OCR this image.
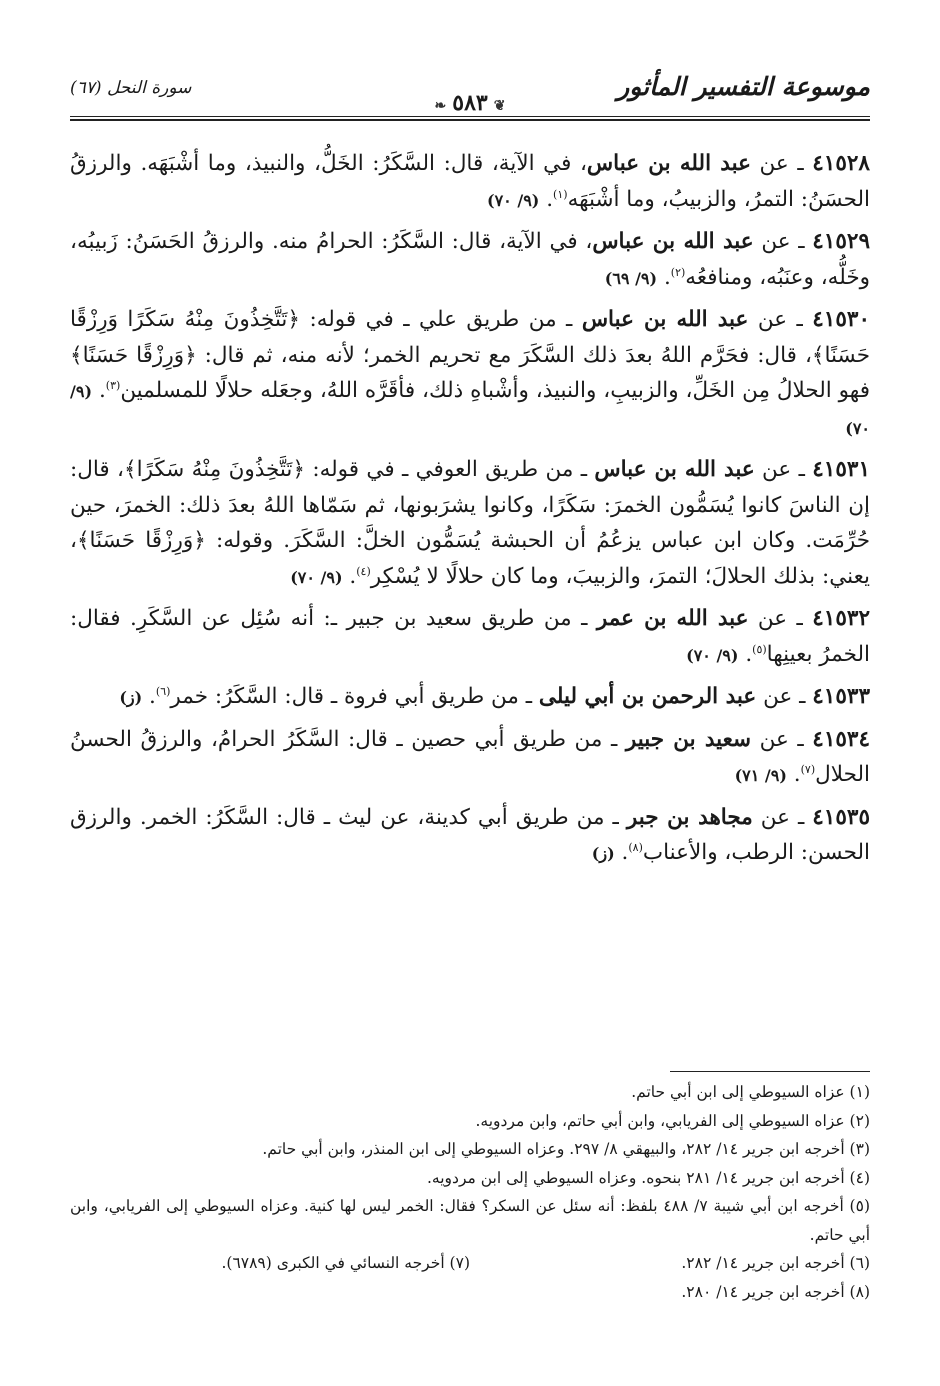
موسوعة التفسير المأثور
❦٥٨٣❧
سورة النحل (٦٧)

٤١٥٢٨ ـ عن عبد الله بن عباس، في الآية، قال: السَّكَرُ: الخَلُّ، والنبيذ، وما أشْبَهَه. والرزقُ الحسَنُ: التمرُ، والزبيبُ، وما أشْبَهَه$^{(١)}$. (٩/ ٧٠)

٤١٥٢٩ ـ عن عبد الله بن عباس، في الآية، قال: السَّكَرُ: الحرامُ منه. والرزقُ الحَسَنُ: زَبيبُه، وخَلُّه، وعنَبُه، ومنافعُه$^{(٢)}$. (٩/ ٦٩)

٤١٥٣٠ ـ عن عبد الله بن عباس ـ من طريق علي ـ في قوله: ﴿تَتَّخِذُونَ مِنْهُ سَكَرًا وَرِزْقًا حَسَنًا﴾، قال: فحَرَّم اللهُ بعدَ ذلك السَّكَرَ مع تحريم الخمر؛ لأنه منه، ثم قال: ﴿وَرِزْقًا حَسَنًا﴾ فهو الحلالُ مِن الخَلِّ، والزبيبِ، والنبيذ، وأشْباهِ ذلك، فأقَرَّه اللهُ، وجعَله حلالًا للمسلمين$^{(٣)}$. (٩/ ٧٠)

٤١٥٣١ ـ عن عبد الله بن عباس ـ من طريق العوفي ـ في قوله: ﴿تَتَّخِذُونَ مِنْهُ سَكَرًا﴾، قال: إن الناسَ كانوا يُسَمُّون الخمرَ: سَكَرًا، وكانوا يشرَبونها، ثم سَمّاها اللهُ بعدَ ذلك: الخمرَ، حين حُرِّمَت. وكان ابن عباس يزعُمُ أن الحبشة يُسَمُّون الخلَّ: السَّكَرَ. وقوله: ﴿وَرِزْقًا حَسَنًا﴾، يعني: بذلك الحلالَ؛ التمرَ، والزبيبَ، وما كان حلالًا لا يُسْكِر$^{(٤)}$. (٩/ ٧٠)

٤١٥٣٢ ـ عن عبد الله بن عمر ـ من طريق سعيد بن جبير ـ: أنه سُئِل عن السَّكَرِ. فقال: الخمرُ بعينِها$^{(٥)}$. (٩/ ٧٠)

٤١٥٣٣ ـ عن عبد الرحمن بن أبي ليلى ـ من طريق أبي فروة ـ قال: السَّكَرُ: خمر$^{(٦)}$. (ز)

٤١٥٣٤ ـ عن سعيد بن جبير ـ من طريق أبي حصين ـ قال: السَّكَرُ الحرامُ، والرزقُ الحسنُ الحلال$^{(٧)}$. (٩/ ٧١)

٤١٥٣٥ ـ عن مجاهد بن جبر ـ من طريق أبي كدينة، عن ليث ـ قال: السَّكَرُ: الخمر. والرزق الحسن: الرطب، والأعناب$^{(٨)}$. (ز)

(١) عزاه السيوطي إلى ابن أبي حاتم.
(٢) عزاه السيوطي إلى الفريابي، وابن أبي حاتم، وابن مردويه.
(٣) أخرجه ابن جرير ١٤/ ٢٨٢، والبيهقي ٨/ ٢٩٧. وعزاه السيوطي إلى ابن المنذر، وابن أبي حاتم.
(٤) أخرجه ابن جرير ١٤/ ٢٨١ بنحوه. وعزاه السيوطي إلى ابن مردويه.
(٥) أخرجه ابن أبي شيبة ٧/ ٤٨٨ بلفظ: أنه سئل عن السكر؟ فقال: الخمر ليس لها كنية. وعزاه السيوطي إلى الفريابي، وابن أبي حاتم.
(٦) أخرجه ابن جرير ١٤/ ٢٨٢.
(٧) أخرجه النسائي في الكبرى (٦٧٨٩).
(٨) أخرجه ابن جرير ١٤/ ٢٨٠.
